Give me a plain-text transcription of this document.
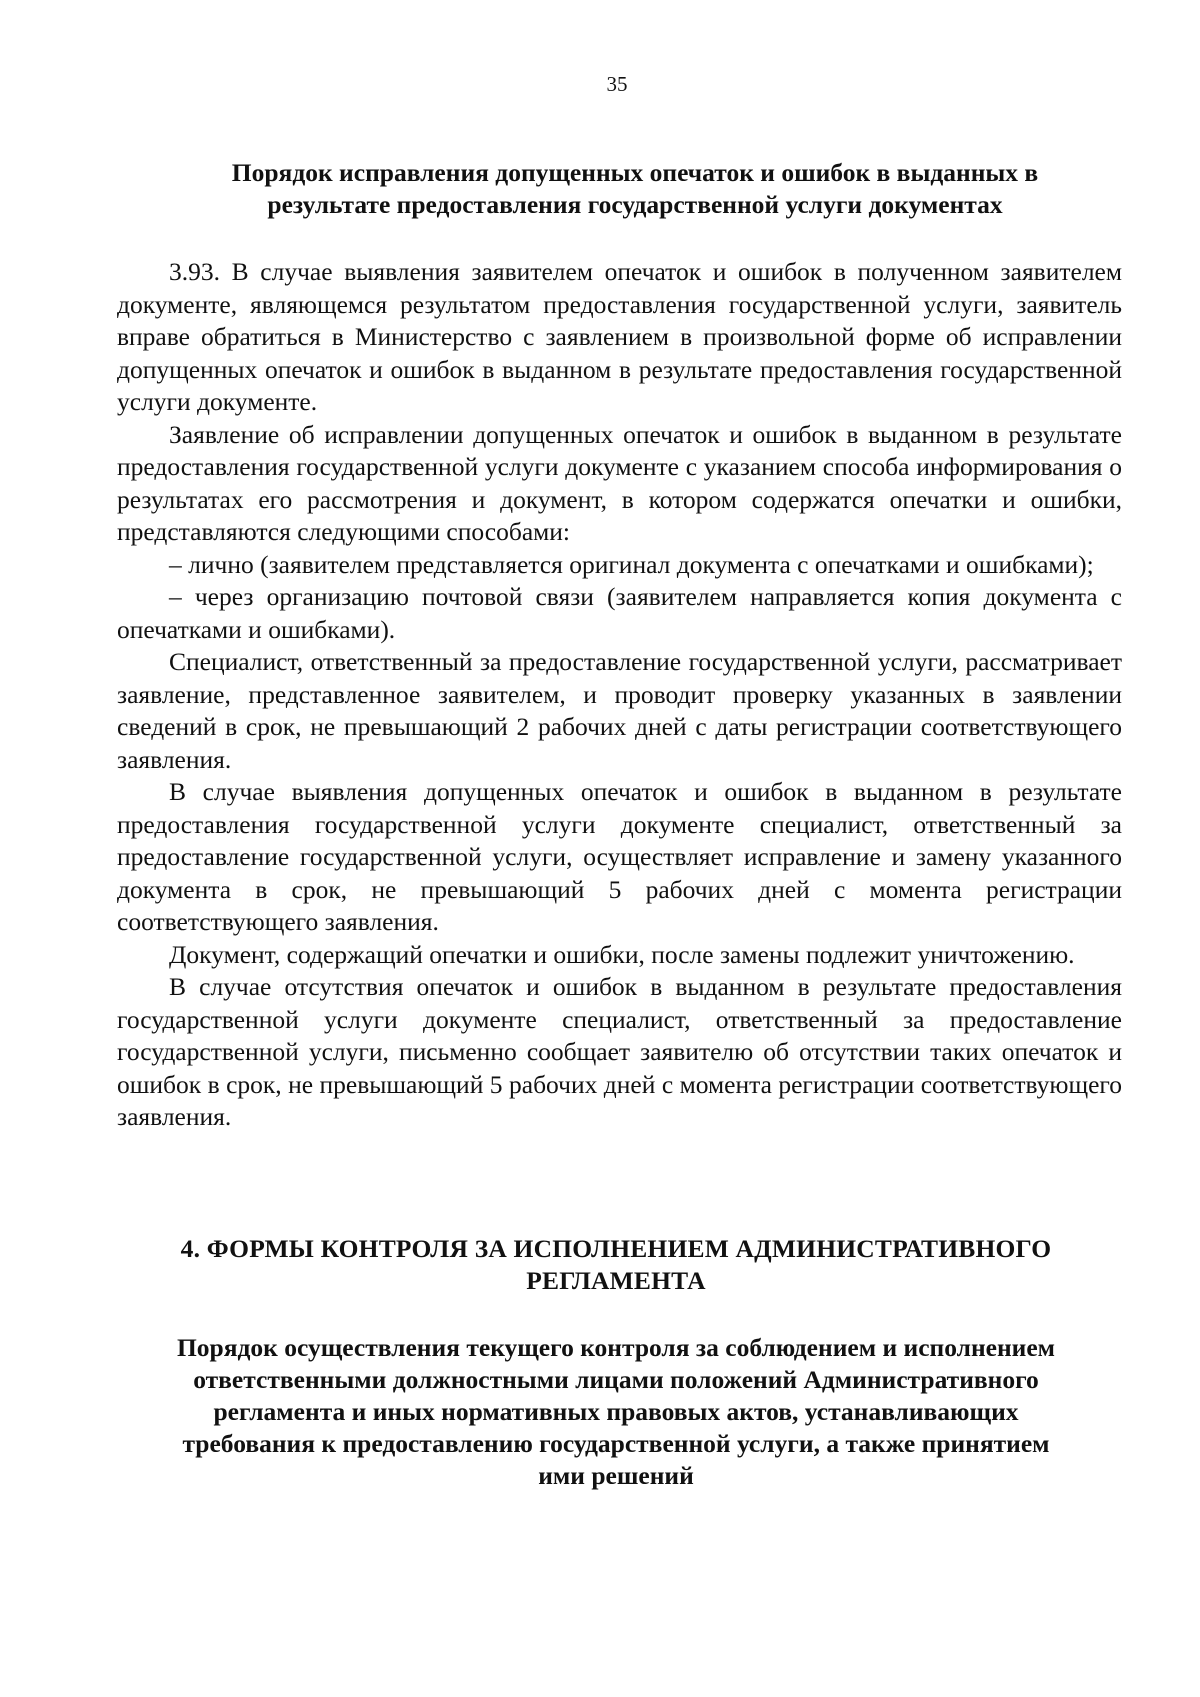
35
Порядок исправления допущенных опечаток и ошибок в выданных в
результате предоставления государственной услуги документах

3.93. В случае выявления заявителем опечаток и ошибок в полученном заявителем документе, являющемся результатом предоставления государственной услуги, заявитель вправе обратиться в Министерство с заявлением в произвольной форме об исправлении допущенных опечаток и ошибок в выданном в результате предоставления государственной услуги документе.

Заявление об исправлении допущенных опечаток и ошибок в выданном в результате предоставления государственной услуги документе с указанием способа информирования о результатах его рассмотрения и документ, в котором содержатся опечатки и ошибки, представляются следующими способами:

– лично (заявителем представляется оригинал документа с опечатками и ошибками);

– через организацию почтовой связи (заявителем направляется копия документа с опечатками и ошибками).

Специалист, ответственный за предоставление государственной услуги, рассматривает заявление, представленное заявителем, и проводит проверку указанных в заявлении сведений в срок, не превышающий 2 рабочих дней с даты регистрации соответствующего заявления.

В случае выявления допущенных опечаток и ошибок в выданном в результате предоставления государственной услуги документе специалист, ответственный за предоставление государственной услуги, осуществляет исправление и замену указанного документа в срок, не превышающий 5 рабочих дней с момента регистрации соответствующего заявления.

Документ, содержащий опечатки и ошибки, после замены подлежит уничтожению.

В случае отсутствия опечаток и ошибок в выданном в результате предоставления государственной услуги документе специалист, ответственный за предоставление государственной услуги, письменно сообщает заявителю об отсутствии таких опечаток и ошибок в срок, не превышающий 5 рабочих дней с момента регистрации соответствующего заявления.

4. ФОРМЫ КОНТРОЛЯ ЗА ИСПОЛНЕНИЕМ АДМИНИСТРАТИВНОГО
РЕГЛАМЕНТА
Порядок осуществления текущего контроля за соблюдением и исполнением
ответственными должностными лицами положений Административного
регламента и иных нормативных правовых актов, устанавливающих
требования к предоставлению государственной услуги, а также принятием
ими решений
